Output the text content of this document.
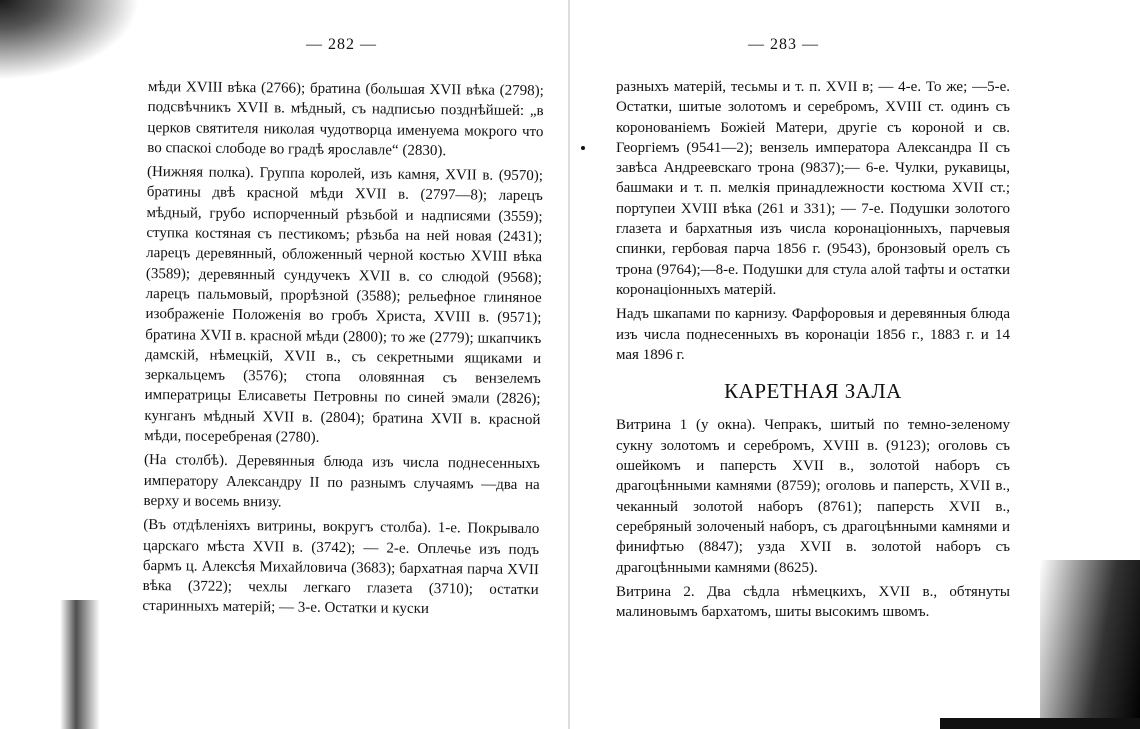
— 282 —

мѣди XVIII вѣка (2766); братина (большая XVII вѣка (2798); подсвѣчникъ XVII в. мѣдный, съ надписью позднѣйшей: „в церков святителя николая чудотворца именуема мокрого что во спаскоі слободе во градѣ ярославле“ (2830).

(Нижняя полка). Группа королей, изъ камня, XVII в. (9570); братины двѣ красной мѣди XVII в. (2797—8); ларецъ мѣдный, грубо испорченный рѣзьбой и надписями (3559); ступка костяная съ пестикомъ; рѣзьба на ней новая (2431); ларецъ деревянный, обложенный черной костью XVIII вѣка (3589); деревянный сундучекъ XVII в. со слюдой (9568); ларецъ пальмовый, прорѣзной (3588); рельефное глиняное изображеніе Положенія во гробъ Христа, XVIII в. (9571); братина XVII в. красной мѣди (2800); то же (2779); шкапчикъ дамскій, нѣмецкій, XVII в., съ секретными ящиками и зеркальцемъ (3576); стопа оловянная съ вензелемъ императрицы Елисаветы Петровны по синей эмали (2826); кунганъ мѣдный XVII в. (2804); братина XVII в. красной мѣди, посеребреная (2780).

(На столбѣ). Деревянныя блюда изъ числа поднесенныхъ императору Александру II по разнымъ случаямъ —два на верху и восемь внизу.

(Въ отдѣленіяхъ витрины, вокругъ столба). 1-е. Покрывало царскаго мѣста XVII в. (3742); — 2-е. Оплечье изъ подъ бармъ ц. Алексѣя Михайловича (3683); бархатная парча XVII вѣка (3722); чехлы легкаго глазета (3710); остатки старинныхъ матерій; — 3-е. Остатки и куски

— 283 —

разныхъ матерій, тесьмы и т. п. XVII в; — 4-е. То же; —5-е. Остатки, шитые золотомъ и серебромъ, XVIII ст. одинъ съ коронованіемъ Божіей Матери, другіе съ короной и св. Георгіемъ (9541—2); вензель императора Александра II съ завѣса Андреевскаго трона (9837);— 6-е. Чулки, рукавицы, башмаки и т. п. мелкія принадлежности костюма XVII ст.; портупеи XVIII вѣка (261 и 331); — 7-е. Подушки золотого глазета и бархатныя изъ числа коронаціонныхъ, парчевыя спинки, гербовая парча 1856 г. (9543), бронзовый орелъ съ трона (9764);—8-е. Подушки для стула алой тафты и остатки коронаціонныхъ матерій.

Надъ шкапами по карнизу. Фарфоровыя и деревянныя блюда изъ числа поднесенныхъ въ коронаціи 1856 г., 1883 г. и 14 мая 1896 г.

КАРЕТНАЯ ЗАЛА

Витрина 1 (у окна). Чепракъ, шитый по темно-зеленому сукну золотомъ и серебромъ, XVIII в. (9123); оголовь съ ошейкомъ и паперсть XVII в., золотой наборъ съ драгоцѣнными камнями (8759); оголовь и паперсть, XVII в., чеканный золотой наборъ (8761); паперсть XVII в., серебряный золоченый наборъ, съ драгоцѣнными камнями и финифтью (8847); узда XVII в. золотой наборъ съ драгоцѣнными камнями (8625).

Витрина 2. Два сѣдла нѣмецкихъ, XVII в., обтянуты малиновымъ бархатомъ, шиты высокимъ швомъ.
